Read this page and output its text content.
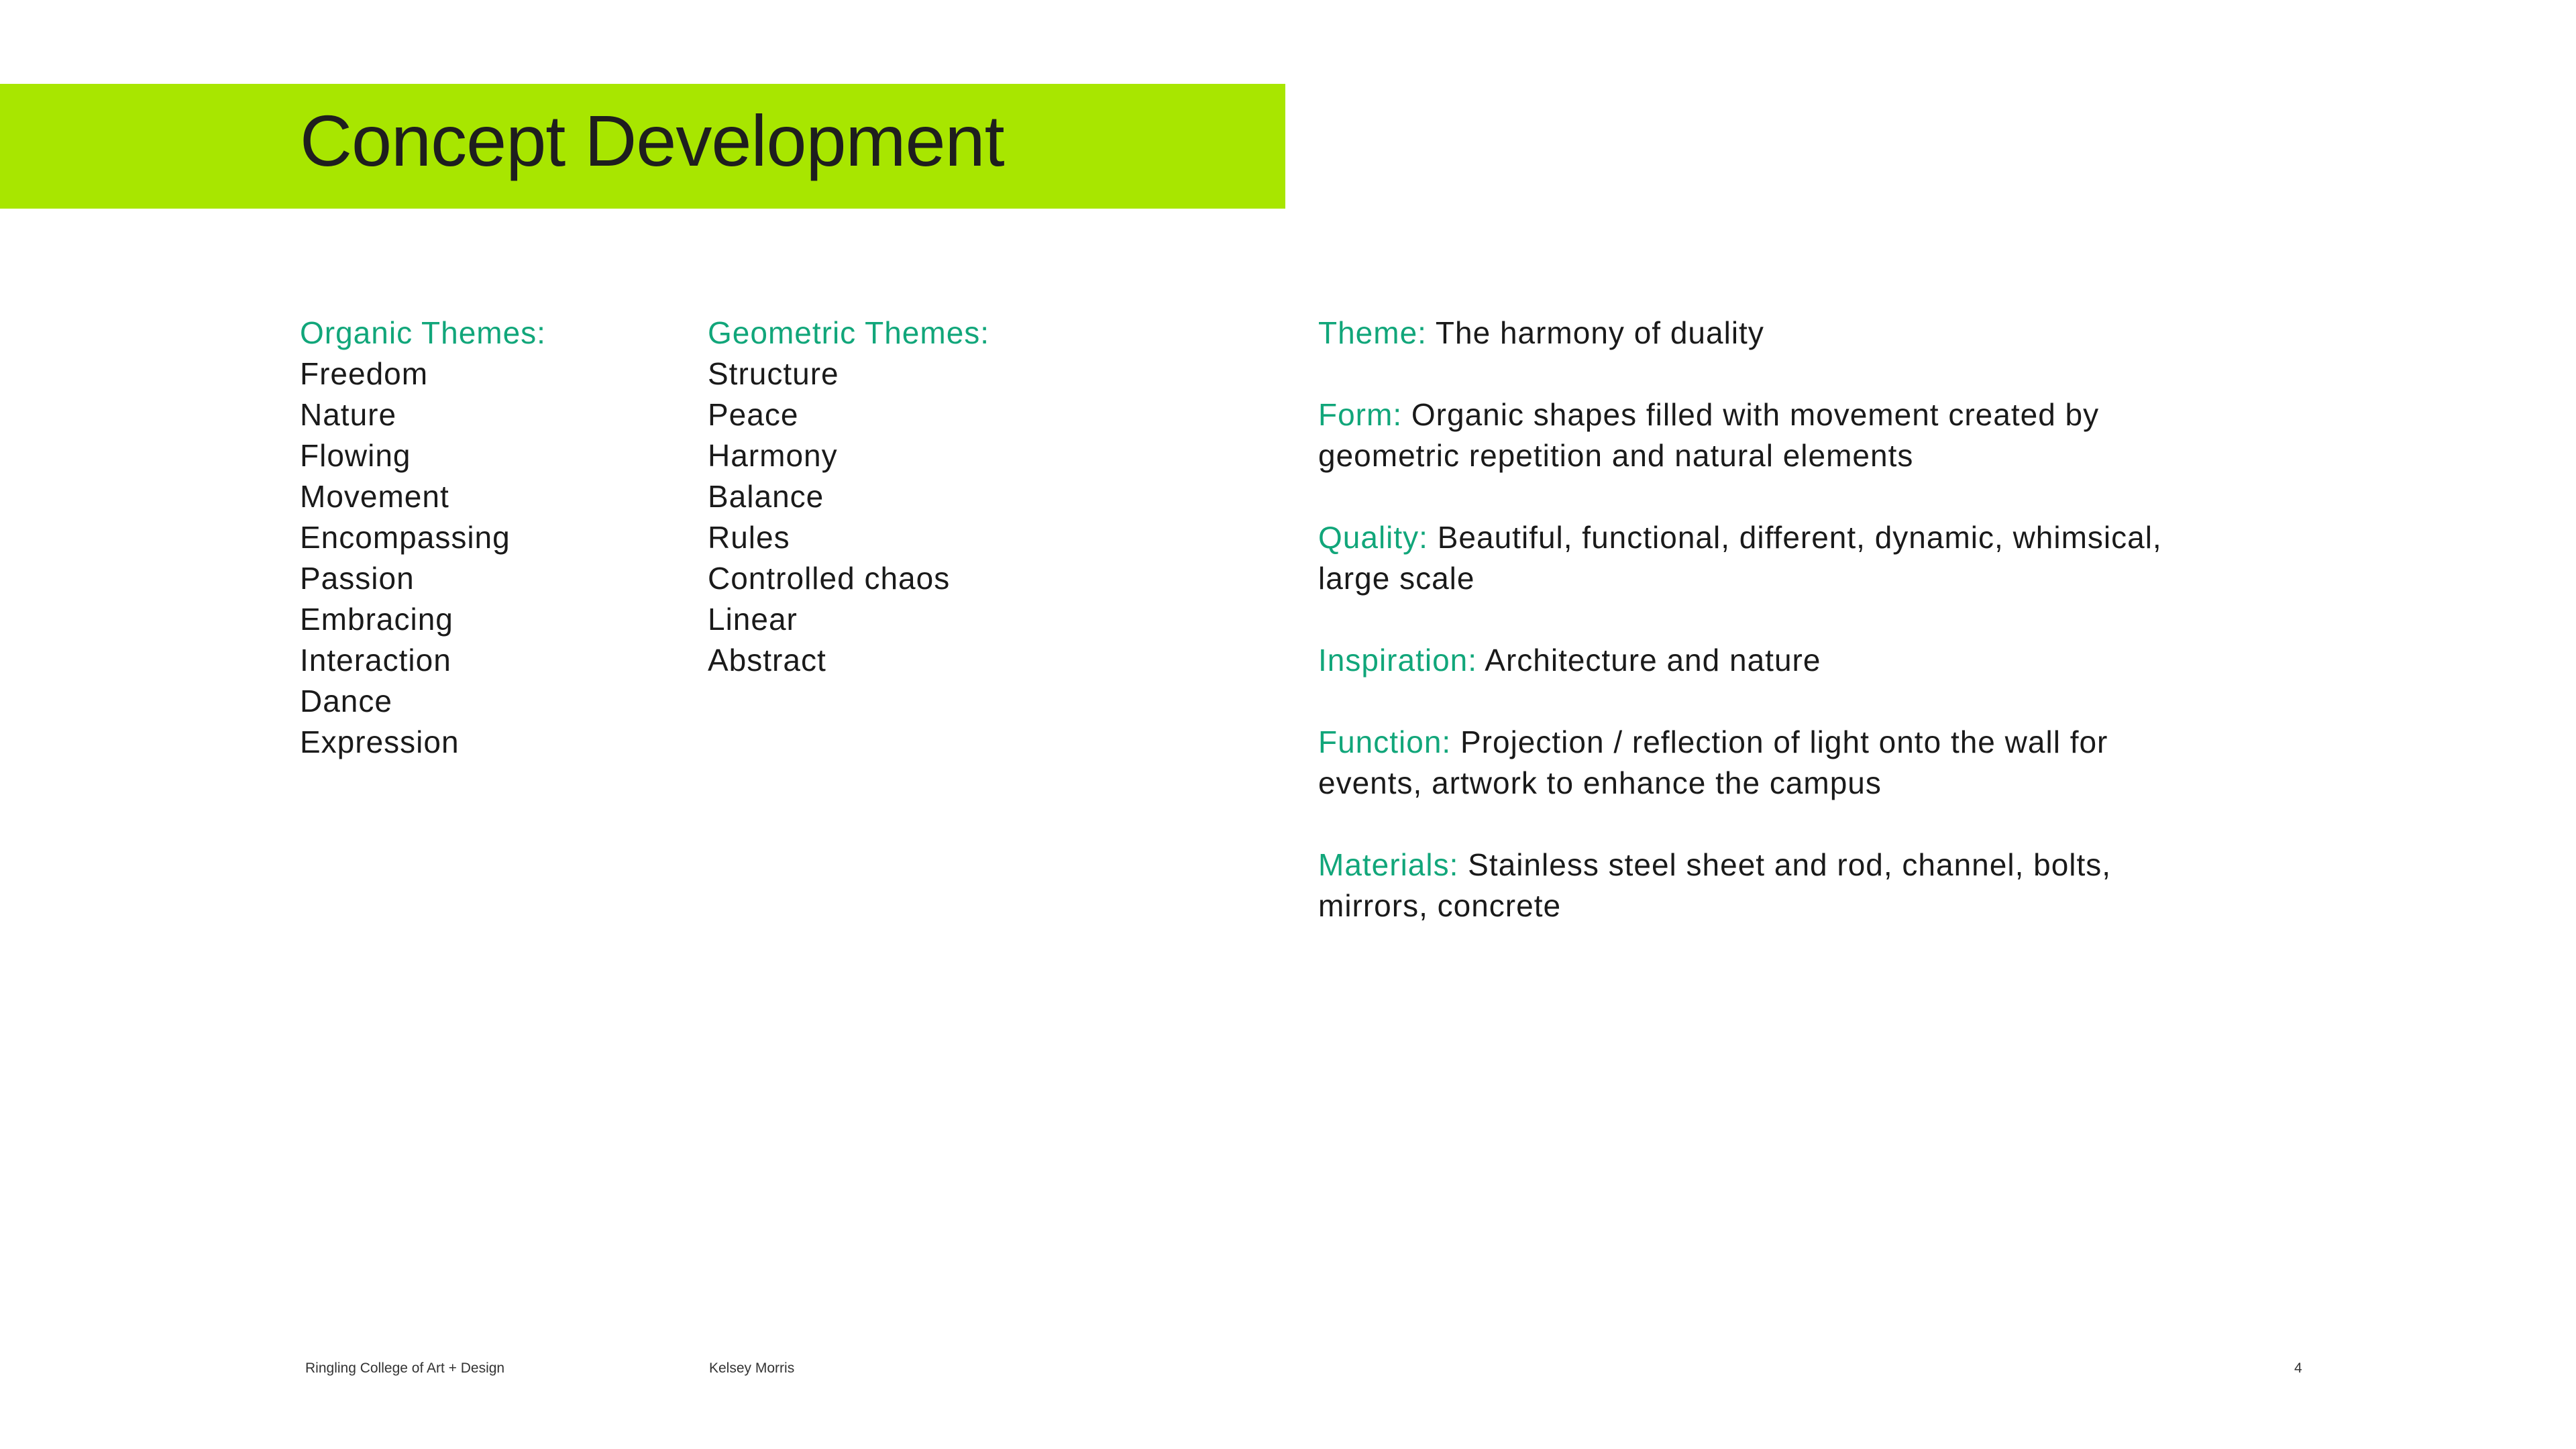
Concept Development
Organic Themes:
Freedom
Nature
Flowing
Movement
Encompassing
Passion
Embracing
Interaction
Dance
Expression
Geometric Themes:
Structure
Peace
Harmony
Balance
Rules
Controlled chaos
Linear
Abstract
Theme: The harmony of duality
Form: Organic shapes filled with movement created by geometric repetition and natural elements
Quality: Beautiful, functional, different, dynamic, whimsical, large scale
Inspiration: Architecture and nature
Function: Projection / reflection of light onto the wall for events, artwork to enhance the campus
Materials: Stainless steel sheet and rod, channel, bolts, mirrors, concrete
Ringling College of Art + Design	Kelsey Morris	4
